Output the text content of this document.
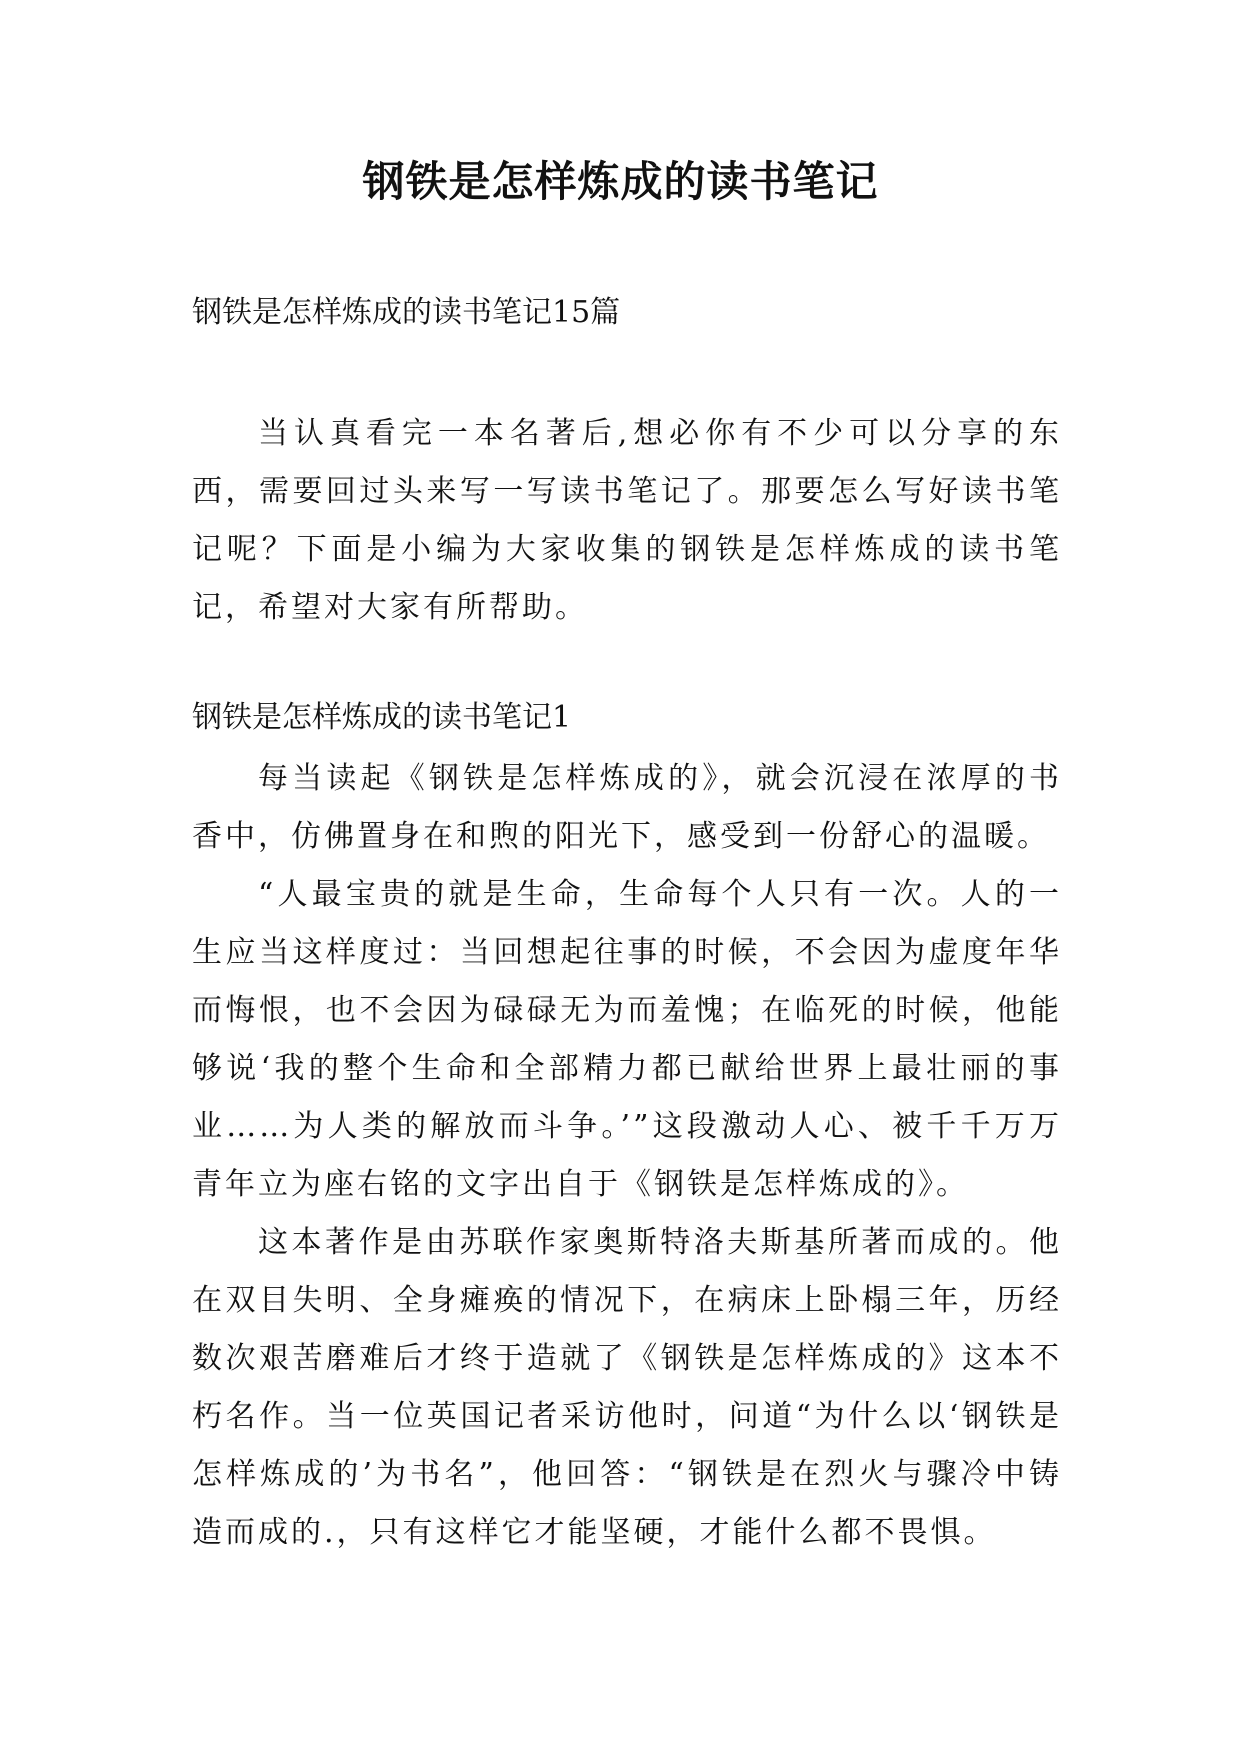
钢铁是怎样炼成的读书笔记

钢铁是怎样炼成的读书笔记15篇

当认真看完一本名著后,想必你有不少可以分享的东西，需要回过头来写一写读书笔记了。那要怎么写好读书笔记呢？下面是小编为大家收集的钢铁是怎样炼成的读书笔记，希望对大家有所帮助。

钢铁是怎样炼成的读书笔记1

每当读起《钢铁是怎样炼成的》，就会沉浸在浓厚的书香中，仿佛置身在和煦的阳光下，感受到一份舒心的温暖。

“人最宝贵的就是生命，生命每个人只有一次。人的一生应当这样度过：当回想起往事的时候，不会因为虚度年华而悔恨，也不会因为碌碌无为而羞愧；在临死的时候，他能够说‘我的整个生命和全部精力都已献给世界上最壮丽的事业……为人类的解放而斗争。’”这段激动人心、被千千万万青年立为座右铭的文字出自于《钢铁是怎样炼成的》。

这本著作是由苏联作家奥斯特洛夫斯基所著而成的。他在双目失明、全身瘫痪的情况下，在病床上卧榻三年，历经数次艰苦磨难后才终于造就了《钢铁是怎样炼成的》这本不朽名作。当一位英国记者采访他时，问道“为什么以‘钢铁是怎样炼成的’为书名”，他回答：“钢铁是在烈火与骤冷中铸造而成的.，只有这样它才能坚硬，才能什么都不畏惧。
